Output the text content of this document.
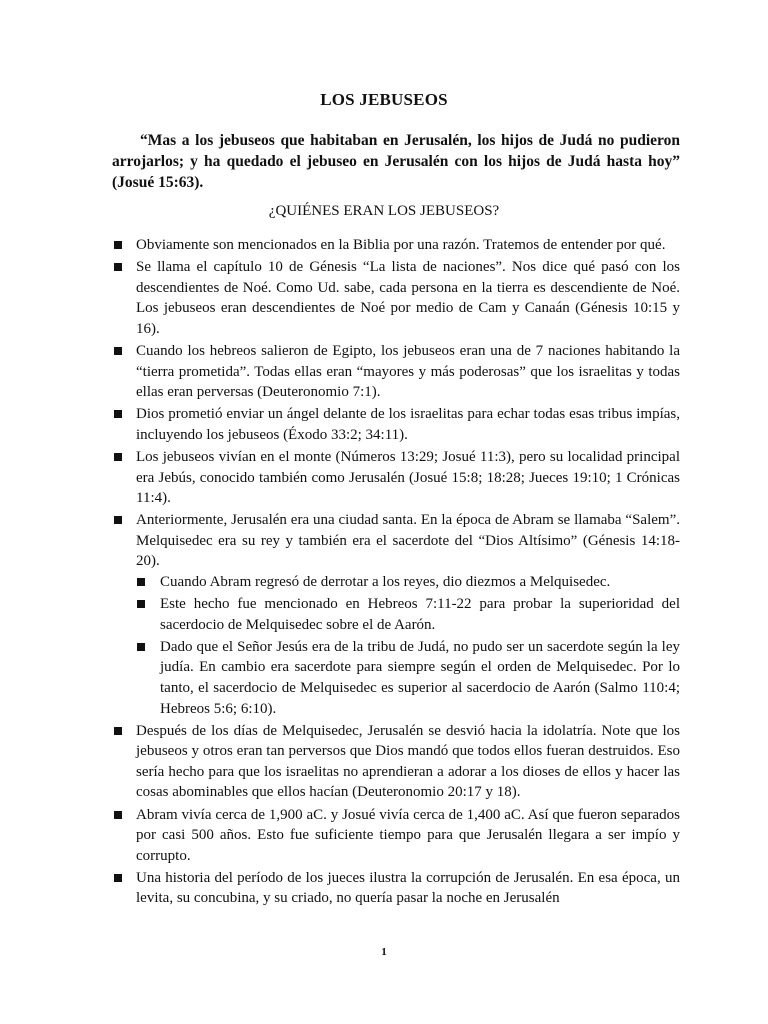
LOS JEBUSEOS
“Mas a los jebuseos que habitaban en Jerusalén, los hijos de Judá no pudieron arrojarlos; y ha quedado el jebuseo en Jerusalén con los hijos de Judá hasta hoy” (Josué 15:63).
¿QUIÉNES ERAN LOS JEBUSEOS?
Obviamente son mencionados en la Biblia por una razón. Tratemos de entender por qué.
Se llama el capítulo 10 de Génesis “La lista de naciones”. Nos dice qué pasó con los descendientes de Noé. Como Ud. sabe, cada persona en la tierra es descendiente de Noé. Los jebuseos eran descendientes de Noé por medio de Cam y Canaán (Génesis 10:15 y 16).
Cuando los hebreos salieron de Egipto, los jebuseos eran una de 7 naciones habitando la “tierra prometida”. Todas ellas eran “mayores y más poderosas” que los israelitas y todas ellas eran perversas (Deuteronomio 7:1).
Dios prometió enviar un ángel delante de los israelitas para echar todas esas tribus impías, incluyendo los jebuseos (Éxodo 33:2; 34:11).
Los jebuseos vivían en el monte (Números 13:29; Josué 11:3), pero su localidad principal era Jebús, conocido también como Jerusalén (Josué 15:8; 18:28; Jueces 19:10; 1 Crónicas 11:4).
Anteriormente, Jerusalén era una ciudad santa. En la época de Abram se llamaba “Salem”. Melquisedec era su rey y también era el sacerdote del “Dios Altísimo” (Génesis 14:18-20).
Cuando Abram regresó de derrotar a los reyes, dio diezmos a Melquisedec.
Este hecho fue mencionado en Hebreos 7:11-22 para probar la superioridad del sacerdocio de Melquisedec sobre el de Aarón.
Dado que el Señor Jesús era de la tribu de Judá, no pudo ser un sacerdote según la ley judía. En cambio era sacerdote para siempre según el orden de Melquisedec. Por lo tanto, el sacerdocio de Melquisedec es superior al sacerdocio de Aarón (Salmo 110:4; Hebreos 5:6; 6:10).
Después de los días de Melquisedec, Jerusalén se desvió hacia la idolatría. Note que los jebuseos y otros eran tan perversos que Dios mandó que todos ellos fueran destruidos. Eso sería hecho para que los israelitas no aprendieran a adorar a los dioses de ellos y hacer las cosas abominables que ellos hacían (Deuteronomio 20:17 y 18).
Abram vivía cerca de 1,900 aC. y Josué vivía cerca de 1,400 aC. Así que fueron separados por casi 500 años. Esto fue suficiente tiempo para que Jerusalén llegara a ser impío y corrupto.
Una historia del período de los jueces ilustra la corrupción de Jerusalén. En esa época, un levita, su concubina, y su criado, no quería pasar la noche en Jerusalén
1
